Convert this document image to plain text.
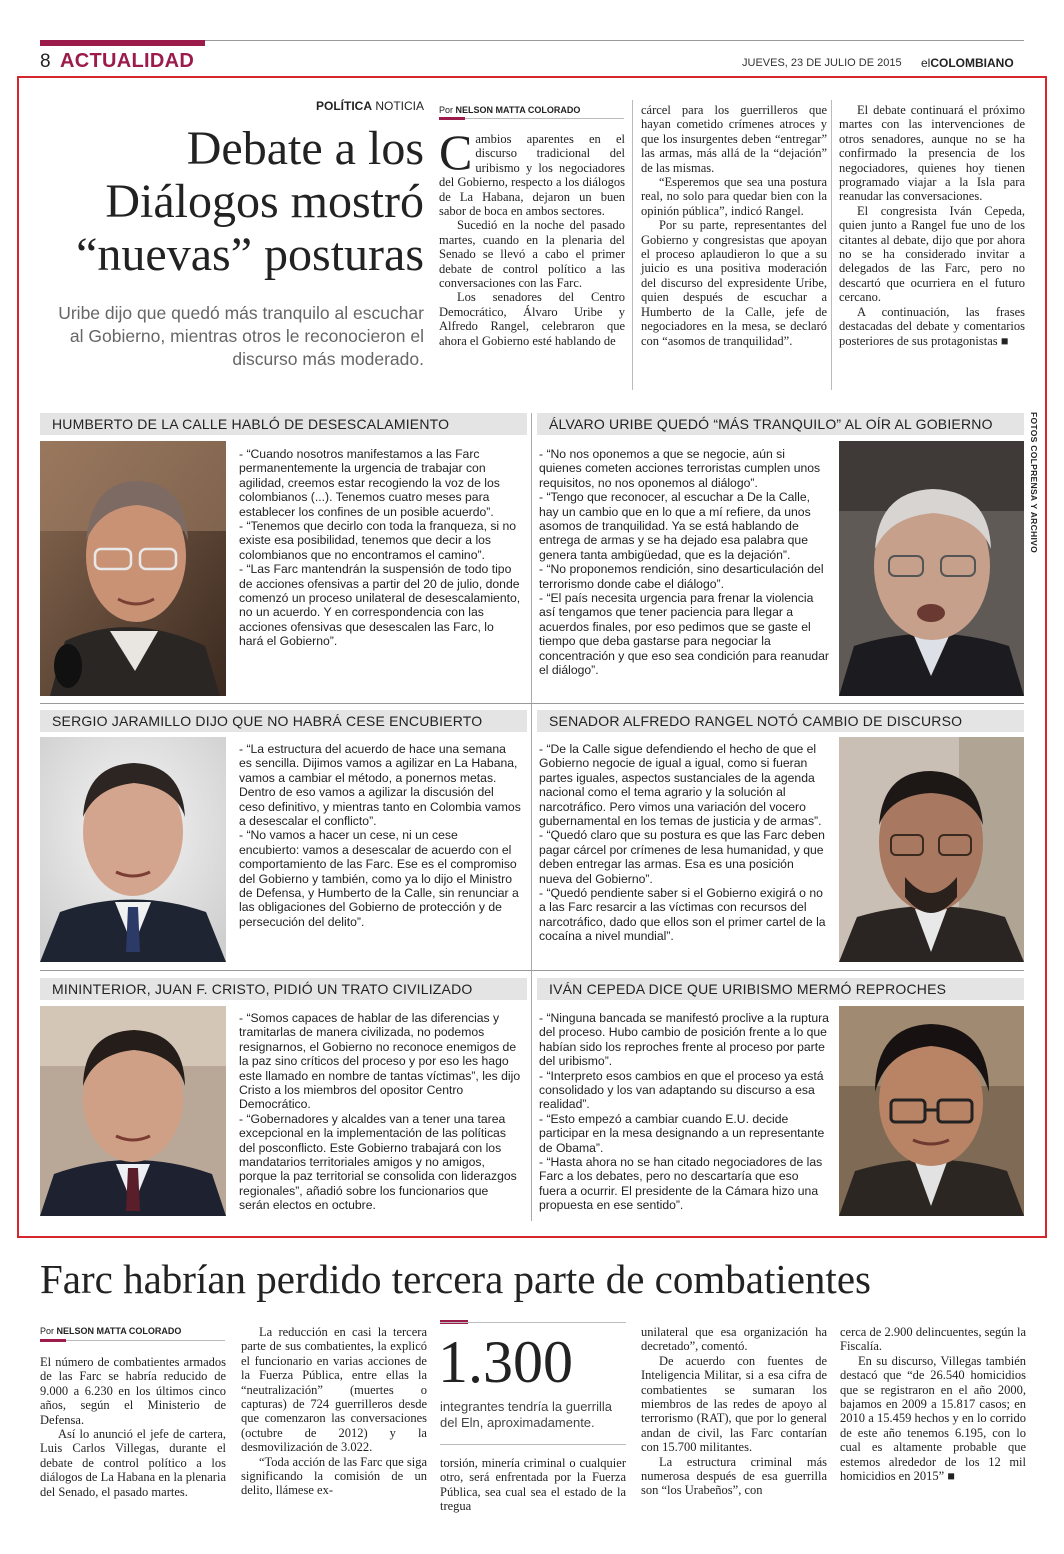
8 ACTUALIDAD	JUEVES, 23 DE JULIO DE 2015 elCOLOMBIANO
POLÍTICA NOTICIA
Debate a los
Diálogos mostró
“nuevas” posturas
Uribe dijo que quedó más tranquilo al escuchar al Gobierno, mientras otros le reconocieron el discurso más moderado.
Por NELSON MATTA COLORADO
C ambios aparentes en el discurso tradicional del uribismo y los negociadores del Gobierno, respecto a los diálogos de La Habana, dejaron un buen sabor de boca en ambos sectores.

Sucedió en la noche del pasado martes, cuando en la plenaria del Senado se llevó a cabo el primer debate de control político a las conversaciones con las Farc.

Los senadores del Centro Democrático, Álvaro Uribe y Alfredo Rangel, celebraron que ahora el Gobierno esté hablando de

cárcel para los guerrilleros que hayan cometido crímenes atroces y que los insurgentes deben “entregar” las armas, más allá de la “dejación” de las mismas.

“Esperemos que sea una postura real, no solo para quedar bien con la opinión pública”, indicó Rangel.

Por su parte, representantes del Gobierno y congresistas que apoyan el proceso aplaudieron lo que a su juicio es una positiva moderación del discurso del expresidente Uribe, quien después de escuchar a Humberto de la Calle, jefe de negociadores en la mesa, se declaró con “asomos de tranquilidad”.

El debate continuará el próximo martes con las intervenciones de otros senadores, aunque no se ha confirmado la presencia de los negociadores, quienes hoy tienen programado viajar a la Isla para reanudar las conversaciones.

El congresista Iván Cepeda, quien junto a Rangel fue uno de los citantes al debate, dijo que por ahora no se ha considerado invitar a delegados de las Farc, pero no descartó que ocurriera en el futuro cercano.

A continuación, las frases destacadas del debate y comentarios posteriores de sus protagonistas ■

FOTOS COLPRENSA Y ARCHIVO
HUMBERTO DE LA CALLE HABLÓ DE DESESCALAMIENTO
- “Cuando nosotros manifestamos a las Farc permanentemente la urgencia de trabajar con agilidad, creemos estar recogiendo la voz de los colombianos (...). Tenemos cuatro meses para establecer los confines de un posible acuerdo”.
- “Tenemos que decirlo con toda la franqueza, si no existe esa posibilidad, tenemos que decir a los colombianos que no encontramos el camino”.
- “Las Farc mantendrán la suspensión de todo tipo de acciones ofensivas a partir del 20 de julio, donde comenzó un proceso unilateral de desescalamiento, no un acuerdo. Y en correspondencia con las acciones ofensivas que desescalen las Farc, lo hará el Gobierno”.
ÁLVARO URIBE QUEDÓ “MÁS TRANQUILO” AL OÍR AL GOBIERNO
- “No nos oponemos a que se negocie, aún si quienes cometen acciones terroristas cumplen unos requisitos, no nos oponemos al diálogo”.
- “Tengo que reconocer, al escuchar a De la Calle, hay un cambio que en lo que a mí refiere, da unos asomos de tranquilidad. Ya se está hablando de entrega de armas y se ha dejado esa palabra que genera tanta ambigüedad, que es la dejación”.
- “No proponemos rendición, sino desarticulación del terrorismo donde cabe el diálogo”.
- “El país necesita urgencia para frenar la violencia así tengamos que tener paciencia para llegar a acuerdos finales, por eso pedimos que se gaste el tiempo que deba gastarse para negociar la concentración y que eso sea condición para reanudar el diálogo”.
SERGIO JARAMILLO DIJO QUE NO HABRÁ CESE ENCUBIERTO
- “La estructura del acuerdo de hace una semana es sencilla. Dijimos vamos a agilizar en La Habana, vamos a cambiar el método, a ponernos metas. Dentro de eso vamos a agilizar la discusión del ceso definitivo, y mientras tanto en Colombia vamos a desescalar el conflicto”.
- “No vamos a hacer un cese, ni un cese encubierto: vamos a desescalar de acuerdo con el comportamiento de las Farc. Ese es el compromiso del Gobierno y también, como ya lo dijo el Ministro de Defensa, y Humberto de la Calle, sin renunciar a las obligaciones del Gobierno de protección y de persecución del delito”.
SENADOR ALFREDO RANGEL NOTÓ CAMBIO DE DISCURSO
- “De la Calle sigue defendiendo el hecho de que el Gobierno negocie de igual a igual, como si fueran partes iguales, aspectos sustanciales de la agenda nacional como el tema agrario y la solución al narcotráfico. Pero vimos una variación del vocero gubernamental en los temas de justicia y de armas”.
- “Quedó claro que su postura es que las Farc deben pagar cárcel por crímenes de lesa humanidad, y que deben entregar las armas. Esa es una posición nueva del Gobierno”.
- “Quedó pendiente saber si el Gobierno exigirá o no a las Farc resarcir a las víctimas con recursos del narcotráfico, dado que ellos son el primer cartel de la cocaína a nivel mundial”.
MININTERIOR, JUAN F. CRISTO, PIDIÓ UN TRATO CIVILIZADO
- “Somos capaces de hablar de las diferencias y tramitarlas de manera civilizada, no podemos resignarnos, el Gobierno no reconoce enemigos de la paz sino críticos del proceso y por eso les hago este llamado en nombre de tantas víctimas”, les dijo Cristo a los miembros del opositor Centro Democrático.
- “Gobernadores y alcaldes van a tener una tarea excepcional en la implementación de las políticas del posconflicto. Este Gobierno trabajará con los mandatarios territoriales amigos y no amigos, porque la paz territorial se consolida con liderazgos regionales”, añadió sobre los funcionarios que serán electos en octubre.
IVÁN CEPEDA DICE QUE URIBISMO MERMÓ REPROCHES
- “Ninguna bancada se manifestó proclive a la ruptura del proceso. Hubo cambio de posición frente a lo que habían sido los reproches frente al proceso por parte del uribismo”.
- “Interpreto esos cambios en que el proceso ya está consolidado y los van adaptando su discurso a esa realidad”.
- “Esto empezó a cambiar cuando E.U. decide participar en la mesa designando a un representante de Obama”.
- “Hasta ahora no se han citado negociadores de las Farc a los debates, pero no descartaría que eso fuera a ocurrir. El presidente de la Cámara hizo una propuesta en ese sentido”.
Farc habrían perdido tercera parte de combatientes
Por NELSON MATTA COLORADO

El número de combatientes armados de las Farc se habría reducido de 9.000 a 6.230 en los últimos cinco años, según el Ministerio de Defensa.

Así lo anunció el jefe de cartera, Luis Carlos Villegas, durante el debate de control político a los diálogos de La Habana en la plenaria del Senado, el pasado martes.

La reducción en casi la tercera parte de sus combatientes, la explicó el funcionario en varias acciones de la Fuerza Pública, entre ellas la “neutralización” (muertes o capturas) de 724 guerrilleros desde que comenzaron las conversaciones (octubre de 2012) y la desmovilización de 3.022.

“Toda acción de las Farc que siga significando la comisión de un delito, llámese ex-

1.300
integrantes tendría la guerrilla del Eln, aproximadamente.

torsión, minería criminal o cualquier otro, será enfrentada por la Fuerza Pública, sea cual sea el estado de la tregua

unilateral que esa organización ha decretado”, comentó.

De acuerdo con fuentes de Inteligencia Militar, si a esa cifra de combatientes se sumaran los miembros de las redes de apoyo al terrorismo (RAT), que por lo general andan de civil, las Farc contarían con 15.700 militantes.

La estructura criminal más numerosa después de esa guerrilla son “los Urabeños”, con

cerca de 2.900 delincuentes, según la Fiscalía.

En su discurso, Villegas también destacó que “de 26.540 homicidios que se registraron en el año 2000, bajamos en 2009 a 15.817 casos; en 2010 a 15.459 hechos y en lo corrido de este año tenemos 6.195, con lo cual es altamente probable que estemos alrededor de los 12 mil homicidios en 2015” ■
